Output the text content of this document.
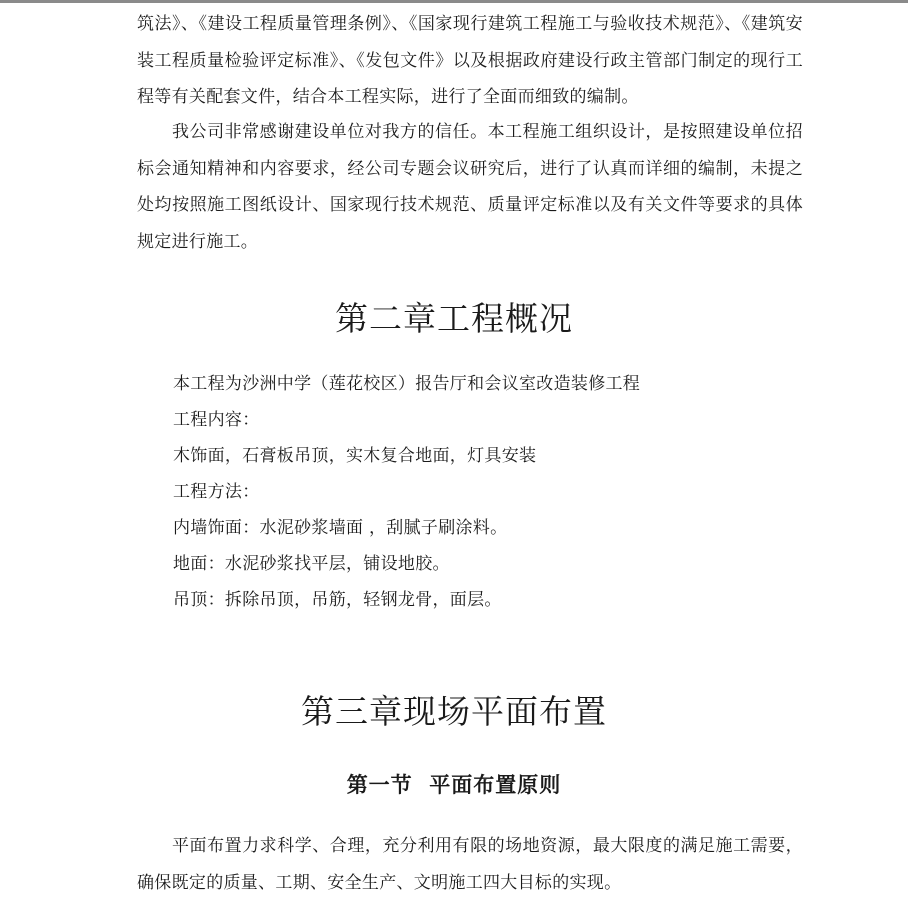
筑法》、《建设工程质量管理条例》、《国家现行建筑工程施工与验收技术规范》、《建筑安装工程质量检验评定标准》、《发包文件》以及根据政府建设行政主管部门制定的现行工程等有关配套文件，结合本工程实际，进行了全面而细致的编制。

我公司非常感谢建设单位对我方的信任。本工程施工组织设计，是按照建设单位招标会通知精神和内容要求，经公司专题会议研究后，进行了认真而详细的编制，未提之处均按照施工图纸设计、国家现行技术规范、质量评定标准以及有关文件等要求的具体规定进行施工。

第二章工程概况
本工程为沙洲中学（莲花校区）报告厅和会议室改造装修工程
工程内容：
木饰面，石膏板吊顶，实木复合地面，灯具安装
工程方法：
内墙饰面：水泥砂浆墙面 ，刮腻子刷涂料。
地面：水泥砂浆找平层，铺设地胶。
吊顶：拆除吊顶，吊筋，轻钢龙骨，面层。
第三章现场平面布置
第一节  平面布置原则

平面布置力求科学、合理，充分利用有限的场地资源，最大限度的满足施工需要，确保既定的质量、工期、安全生产、文明施工四大目标的实现。
